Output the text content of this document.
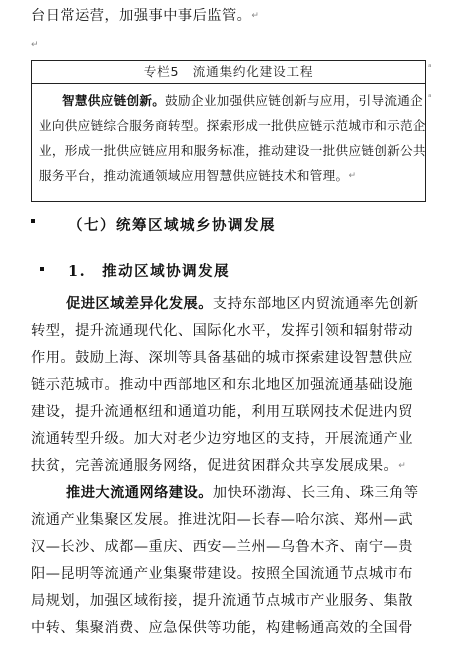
台日常运营，加强事中事后监管。 ↵
↵
专栏5　流通集约化建设工程
智慧供应链创新。鼓励企业加强供应链创新与应用，引导流通企
业向供应链综合服务商转型。探索形成一批供应链示范城市和示范企
业，形成一批供应链应用和服务标准，推动建设一批供应链创新公共
服务平台，推动流通领域应用智慧供应链技术和管理。 ↵
ᵃ
ᵃ
（七）统筹区域城乡协调发展
1.　推动区域协调发展
促进区域差异化发展。支持东部地区内贸流通率先创新
转型，提升流通现代化、国际化水平，发挥引领和辐射带动
作用。鼓励上海、深圳等具备基础的城市探索建设智慧供应
链示范城市。推动中西部地区和东北地区加强流通基础设施
建设，提升流通枢纽和通道功能，利用互联网技术促进内贸
流通转型升级。加大对老少边穷地区的支持，开展流通产业
扶贫，完善流通服务网络，促进贫困群众共享发展成果。 ↵
推进大流通网络建设。加快环渤海、长三角、珠三角等
流通产业集聚区发展。推进沈阳—长春—哈尔滨、郑州—武
汉—长沙、成都—重庆、西安—兰州—乌鲁木齐、南宁—贵
阳—昆明等流通产业集聚带建设。按照全国流通节点城市布
局规划，加强区域衔接，提升流通节点城市产业服务、集散
中转、集聚消费、应急保供等功能，构建畅通高效的全国骨
